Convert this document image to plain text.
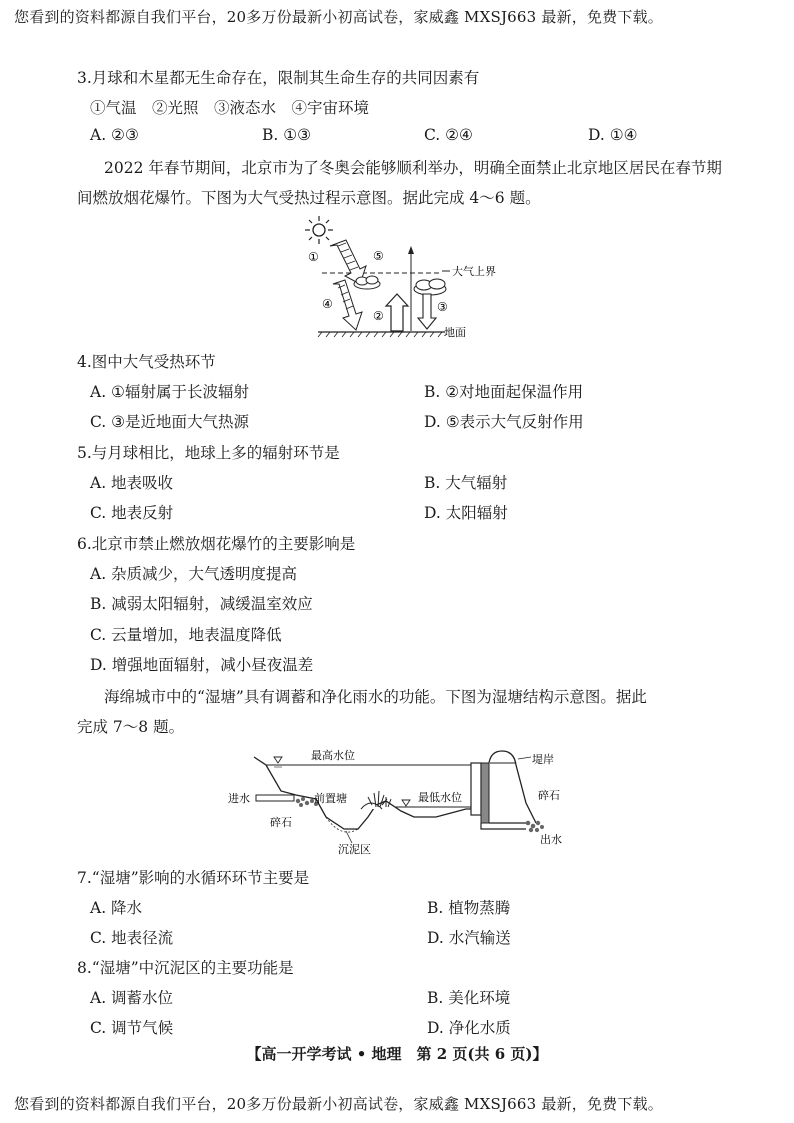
您看到的资料都源自我们平台，20多万份最新小初高试卷，家威鑫 MXSJ663 最新，免费下载。
3.月球和木星都无生命存在，限制其生命生存的共同因素有
①气温　②光照　③液态水　④宇宙环境
A. ②③	B. ①③	C. ②④	D. ①④
2022 年春节期间，北京市为了冬奥会能够顺利举办，明确全面禁止北京地区居民在春节期
间燃放烟花爆竹。下图为大气受热过程示意图。据此完成 4～6 题。
大气上界
①
④
⑤
②
③
地面
4.图中大气受热环节
A. ①辐射属于长波辐射	B. ②对地面起保温作用
C. ③是近地面大气热源	D. ⑤表示大气反射作用
5.与月球相比，地球上多的辐射环节是
A. 地表吸收	B. 大气辐射
C. 地表反射	D. 太阳辐射
6.北京市禁止燃放烟花爆竹的主要影响是
A. 杂质减少，大气透明度提高
B. 减弱太阳辐射，减缓温室效应
C. 云量增加，地表温度降低
D. 增强地面辐射，减小昼夜温差
海绵城市中的“湿塘”具有调蓄和净化雨水的功能。下图为湿塘结构示意图。据此
完成 7～8 题。
最高水位
最低水位
进水
碎石
前置塘
沉泥区
堤岸
碎石
出水
7.“湿塘”影响的水循环环节主要是
A. 降水	B. 植物蒸腾
C. 地表径流	D. 水汽输送
8.“湿塘”中沉泥区的主要功能是
A. 调蓄水位	B. 美化环境
C. 调节气候	D. 净化水质
【高一开学考试 • 地理　第 2 页(共 6 页)】
您看到的资料都源自我们平台，20多万份最新小初高试卷，家威鑫 MXSJ663 最新，免费下载。
